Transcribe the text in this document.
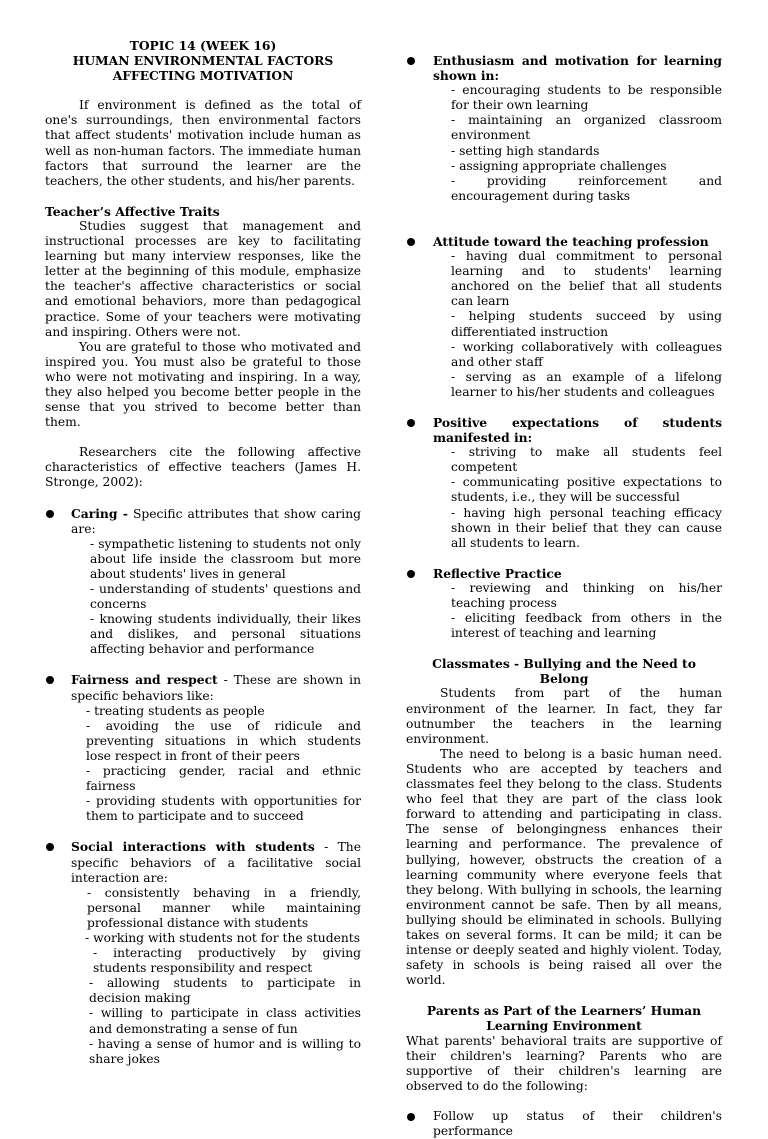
TOPIC 14 (WEEK 16)
HUMAN ENVIRONMENTAL FACTORS
AFFECTING MOTIVATION

If environment is defined as the total of one's surroundings, then environmental factors that affect students' motivation include human as well as non-human factors. The immediate human factors that surround the learner are the teachers, the other students, and his/her parents.

Teacher’s Affective Traits

Studies suggest that management and instructional processes are key to facilitating learning but many interview responses, like the letter at the beginning of this module, emphasize the teacher's affective characteristics or social and emotional behaviors, more than pedagogical practice. Some of your teachers were motivating and inspiring. Others were not.

You are grateful to those who motivated and inspired you. You must also be grateful to those who were not motivating and inspiring. In a way, they also helped you become better people in the sense that you strived to become better than them.

Researchers cite the following affective characteristics of effective teachers (James H. Stronge, 2002):

Caring - Specific attributes that show caring are:

- sympathetic listening to students not only about life inside the classroom but more about students' lives in general

- understanding of students' questions and concerns

- knowing students individually, their likes and dislikes, and personal situations affecting behavior and performance

Fairness and respect - These are shown in specific behaviors like:

- treating students as people

- avoiding the use of ridicule and preventing situations in which students lose respect in front of their peers

- practicing gender, racial and ethnic fairness

- providing students with opportunities for them to participate and to succeed

Social interactions with students - The specific behaviors of a facilitative social interaction are:

- consistently behaving in a friendly, personal manner while maintaining professional distance with students

- working with students not for the students

- interacting productively by giving students responsibility and respect

- allowing students to participate in decision making

- willing to participate in class activities and demonstrating a sense of fun

- having a sense of humor and is willing to share jokes

Enthusiasm and motivation for learning shown in:

- encouraging students to be responsible for their own learning

- maintaining an organized classroom environment

- setting high standards

- assigning appropriate challenges

- providing reinforcement and encouragement during tasks

Attitude toward the teaching profession

- having dual commitment to personal learning and to students' learning anchored on the belief that all students can learn

- helping students succeed by using differentiated instruction

- working collaboratively with colleagues and other staff

- serving as an example of a lifelong learner to his/her students and colleagues

Positive expectations of students manifested in:

- striving to make all students feel competent

- communicating positive expectations to students, i.e., they will be successful

- having high personal teaching efficacy shown in their belief that they can cause all students to learn.

Reflective Practice

- reviewing and thinking on his/her teaching process

- eliciting feedback from others in the interest of teaching and learning

Classmates - Bullying and the Need to Belong

Students from part of the human environment of the learner. In fact, they far outnumber the teachers in the learning environment.

The need to belong is a basic human need. Students who are accepted by teachers and classmates feel they belong to the class. Students who feel that they are part of the class look forward to attending and participating in class. The sense of belongingness enhances their learning and performance. The prevalence of bullying, however, obstructs the creation of a learning community where everyone feels that they belong. With bullying in schools, the learning environment cannot be safe. Then by all means, bullying should be eliminated in schools. Bullying takes on several forms. It can be mild; it can be intense or deeply seated and highly violent. Today, safety in schools is being raised all over the world.

Parents as Part of the Learners’ Human Learning Environment

What parents' behavioral traits are supportive of their children's learning? Parents who are supportive of their children's learning are observed to do the following:

Follow up status of their children's performance
